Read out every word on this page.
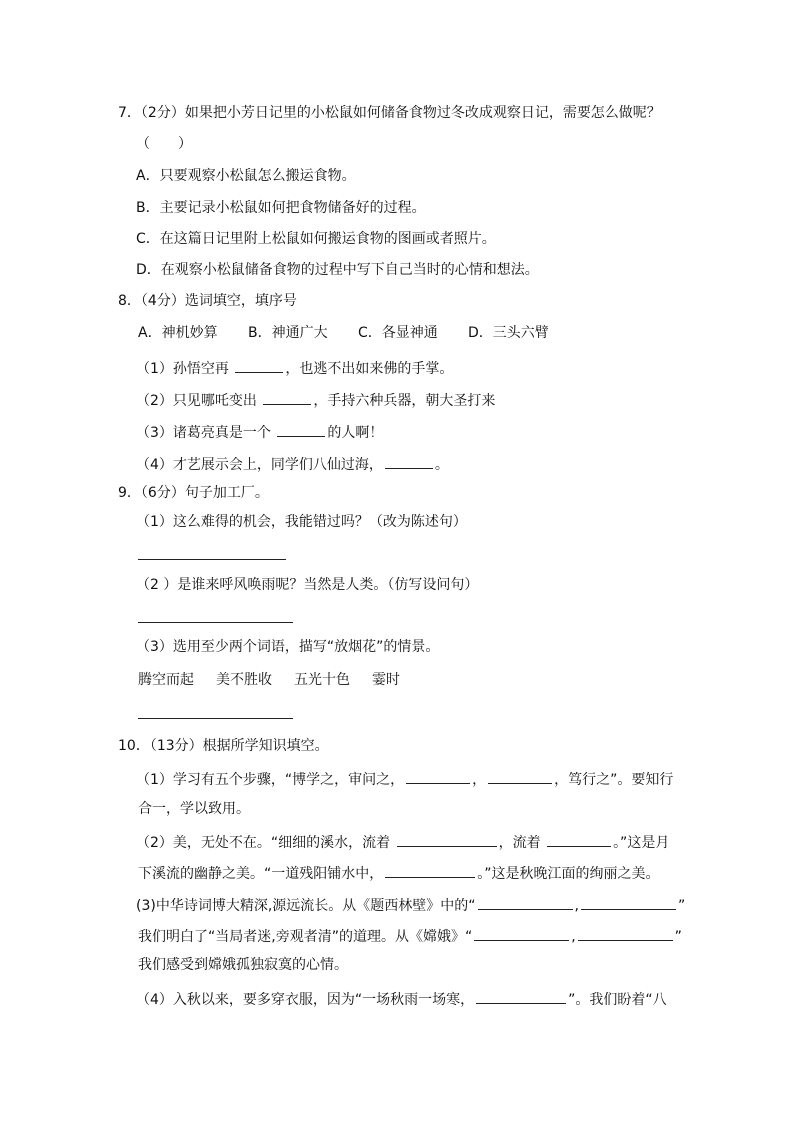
7．（2分）如果把小芳日记里的小松鼠如何储备食物过冬改成观察日记，需要怎么做呢？
（　　）
A．只要观察小松鼠怎么搬运食物。
B．主要记录小松鼠如何把食物储备好的过程。
C．在这篇日记里附上松鼠如何搬运食物的图画或者照片。
D．在观察小松鼠储备食物的过程中写下自己当时的心情和想法。
8．（4分）选词填空，填序号
A．神机妙算 B．神通广大 C．各显神通 D．三头六臂
（1）孙悟空再	，也逃不出如来佛的手掌。
（2）只见哪吒变出	，手持六种兵器，朝大圣打来
（3）诸葛亮真是一个	的人啊！
（4）才艺展示会上，同学们八仙过海，	。
9．（6分）句子加工厂。
（1）这么难得的机会，我能错过吗？（改为陈述句）
（2 ）是谁来呼风唤雨呢？当然是人类。（仿写设问句）
（3）选用至少两个词语，描写“放烟花”的情景。
腾空而起 美不胜收 五光十色 霎时
10．（13分）根据所学知识填空。
（1）学习有五个步骤，“博学之，审问之，	，	，笃行之”。要知行
合一，学以致用。
（2）美，无处不在。“细细的溪水，流着	，流着	。”这是月
下溪流的幽静之美。“一道残阳铺水中，	。”这是秋晚江面的绚丽之美。
(3)中华诗词博大精深,源远流长。从《题西林壁》中的“	,	”
我们明白了“当局者迷,旁观者清”的道理。从《嫦娥》“	,	”
我们感受到嫦娥孤独寂寞的心情。
（4）入秋以来，要多穿衣服，因为“一场秋雨一场寒，	”。我们盼着“八
